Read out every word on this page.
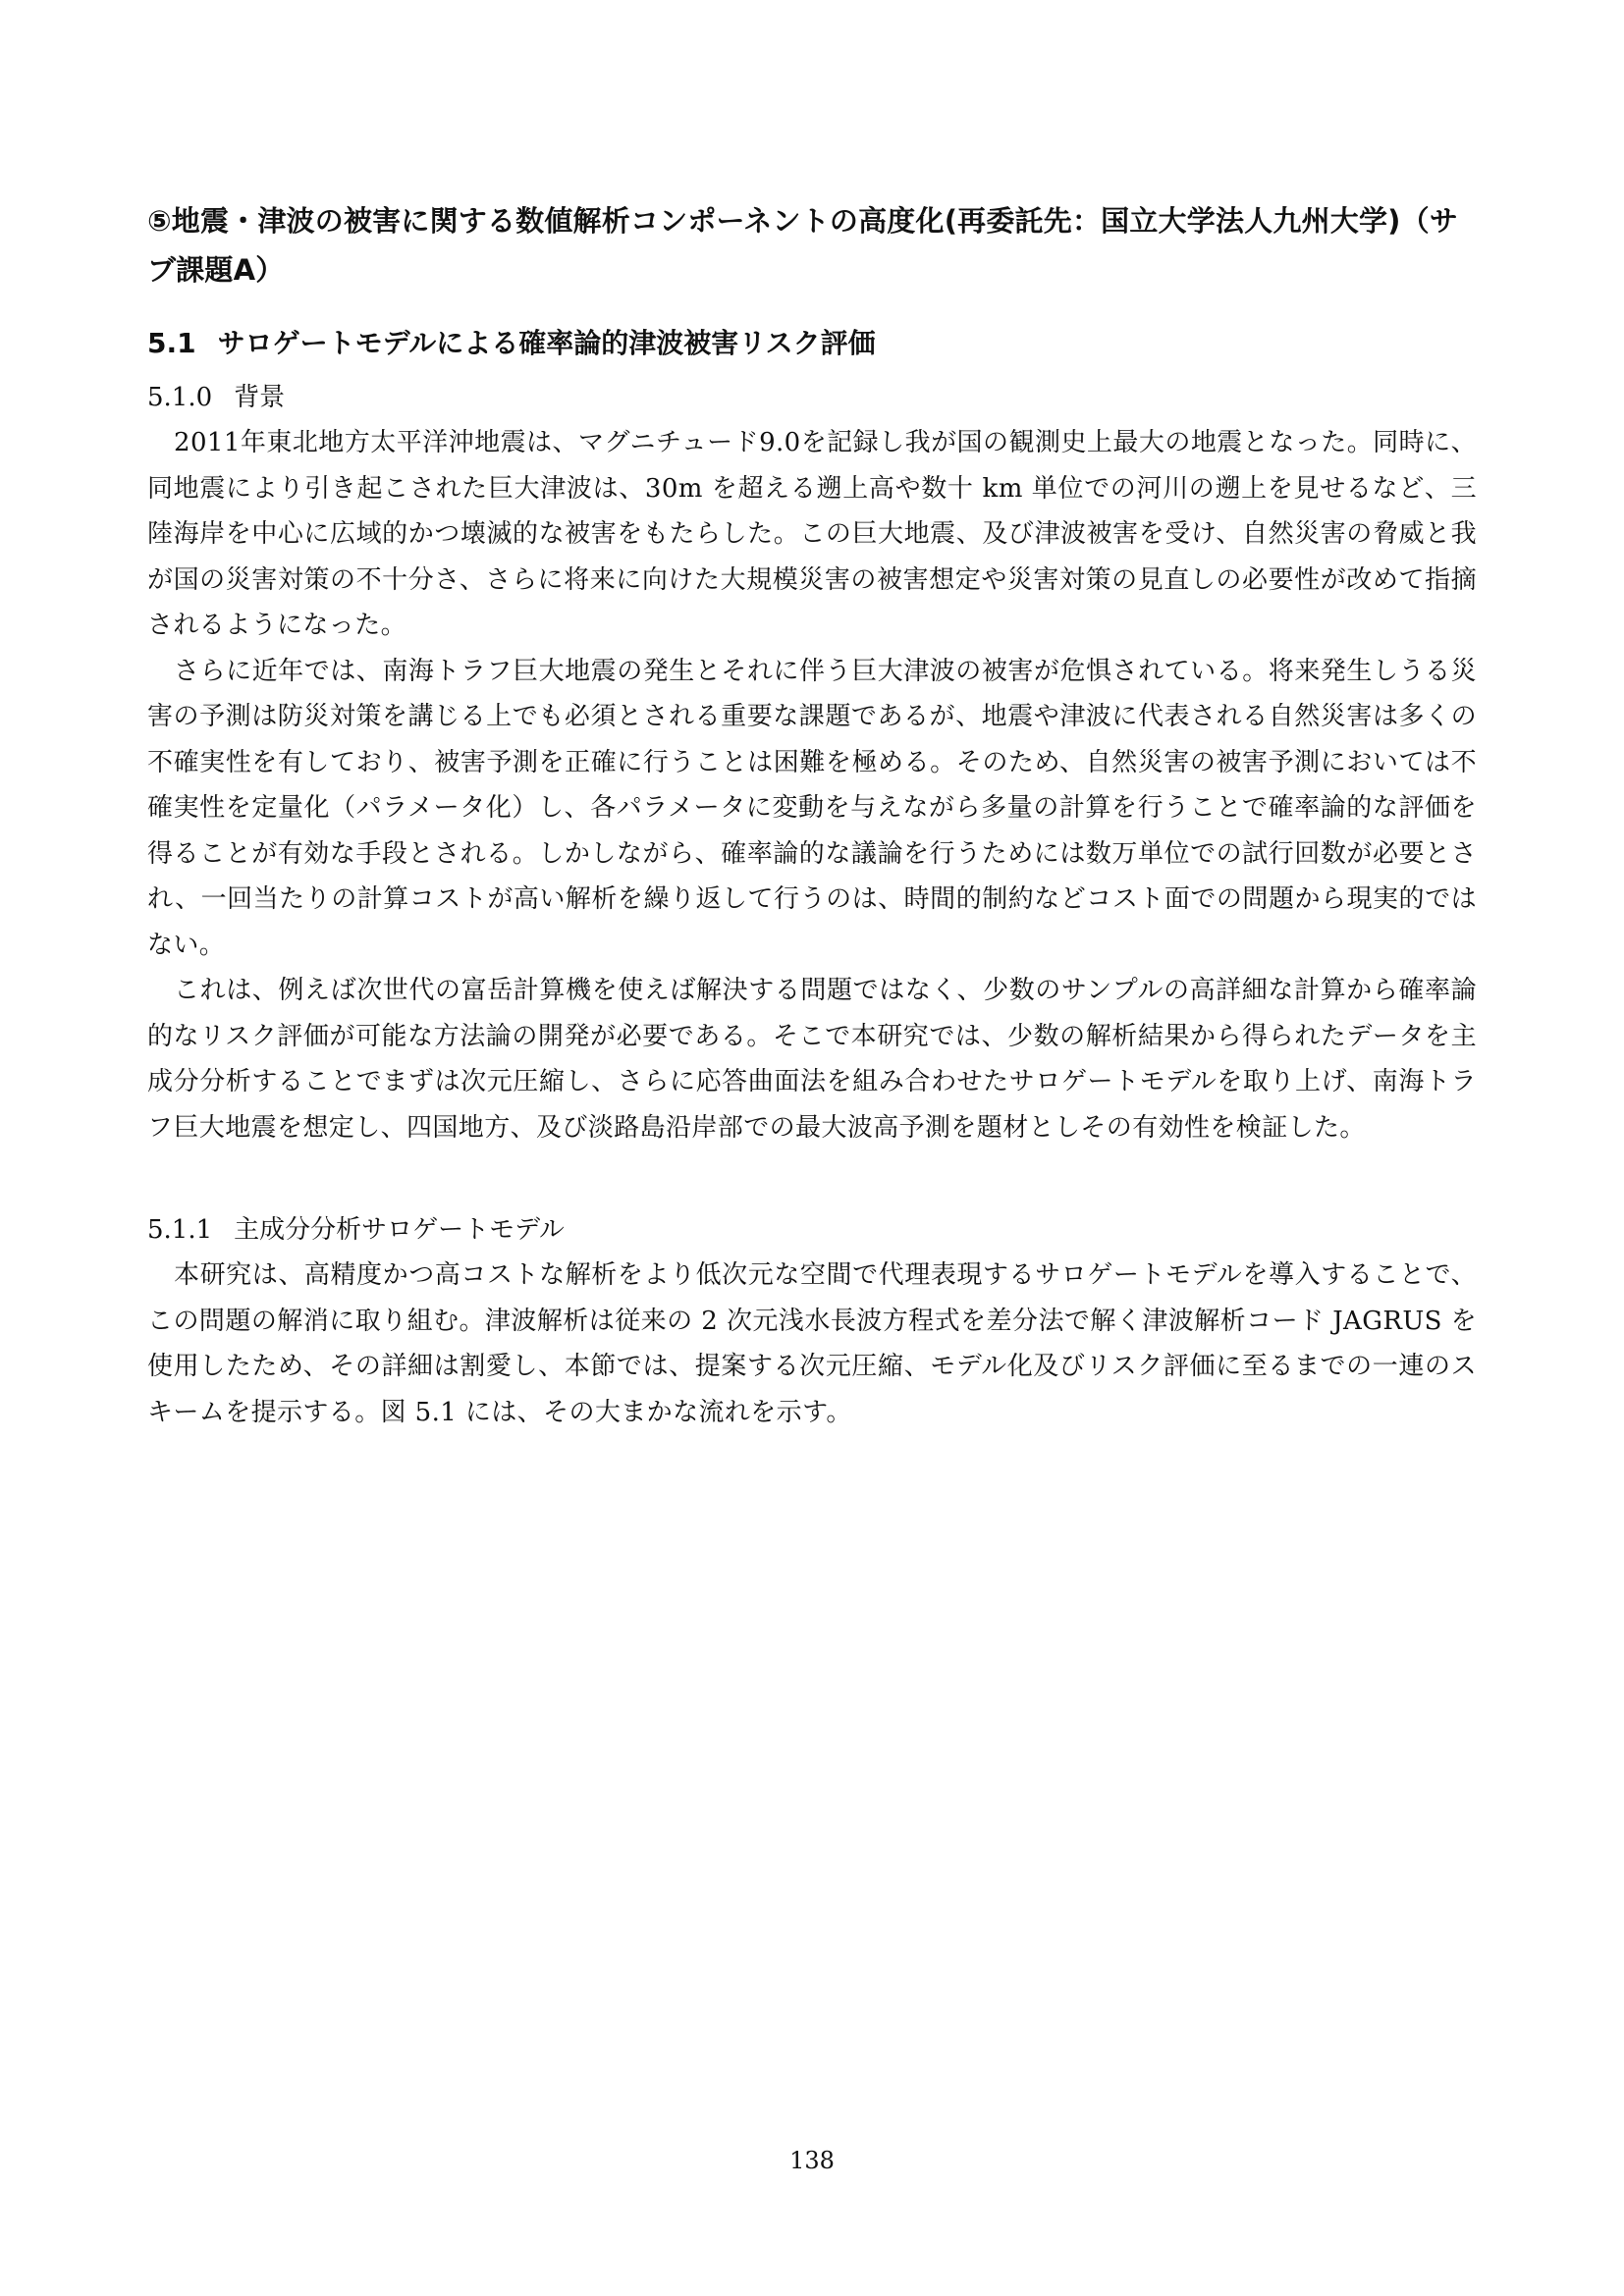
⑤地震・津波の被害に関する数値解析コンポーネントの高度化(再委託先：国立大学法人九州大学)（サブ課題A）
5.1 サロゲートモデルによる確率論的津波被害リスク評価
5.1.0 背景

2011年東北地方太平洋沖地震は、マグニチュード9.0を記録し我が国の観測史上最大の地震となった。同時に、同地震により引き起こされた巨大津波は、30m を超える遡上高や数十 km 単位での河川の遡上を見せるなど、三陸海岸を中心に広域的かつ壊滅的な被害をもたらした。この巨大地震、及び津波被害を受け、自然災害の脅威と我が国の災害対策の不十分さ、さらに将来に向けた大規模災害の被害想定や災害対策の見直しの必要性が改めて指摘されるようになった。

さらに近年では、南海トラフ巨大地震の発生とそれに伴う巨大津波の被害が危惧されている。将来発生しうる災害の予測は防災対策を講じる上でも必須とされる重要な課題であるが、地震や津波に代表される自然災害は多くの不確実性を有しており、被害予測を正確に行うことは困難を極める。そのため、自然災害の被害予測においては不確実性を定量化（パラメータ化）し、各パラメータに変動を与えながら多量の計算を行うことで確率論的な評価を得ることが有効な手段とされる。しかしながら、確率論的な議論を行うためには数万単位での試行回数が必要とされ、一回当たりの計算コストが高い解析を繰り返して行うのは、時間的制約などコスト面での問題から現実的ではない。

これは、例えば次世代の富岳計算機を使えば解決する問題ではなく、少数のサンプルの高詳細な計算から確率論的なリスク評価が可能な方法論の開発が必要である。そこで本研究では、少数の解析結果から得られたデータを主成分分析することでまずは次元圧縮し、さらに応答曲面法を組み合わせたサロゲートモデルを取り上げ、南海トラフ巨大地震を想定し、四国地方、及び淡路島沿岸部での最大波高予測を題材としその有効性を検証した。

5.1.1 主成分分析サロゲートモデル

本研究は、高精度かつ高コストな解析をより低次元な空間で代理表現するサロゲートモデルを導入することで、この問題の解消に取り組む。津波解析は従来の 2 次元浅水長波方程式を差分法で解く津波解析コード JAGRUS を使用したため、その詳細は割愛し、本節では、提案する次元圧縮、モデル化及びリスク評価に至るまでの一連のスキームを提示する。図 5.1 には、その大まかな流れを示す。

138
